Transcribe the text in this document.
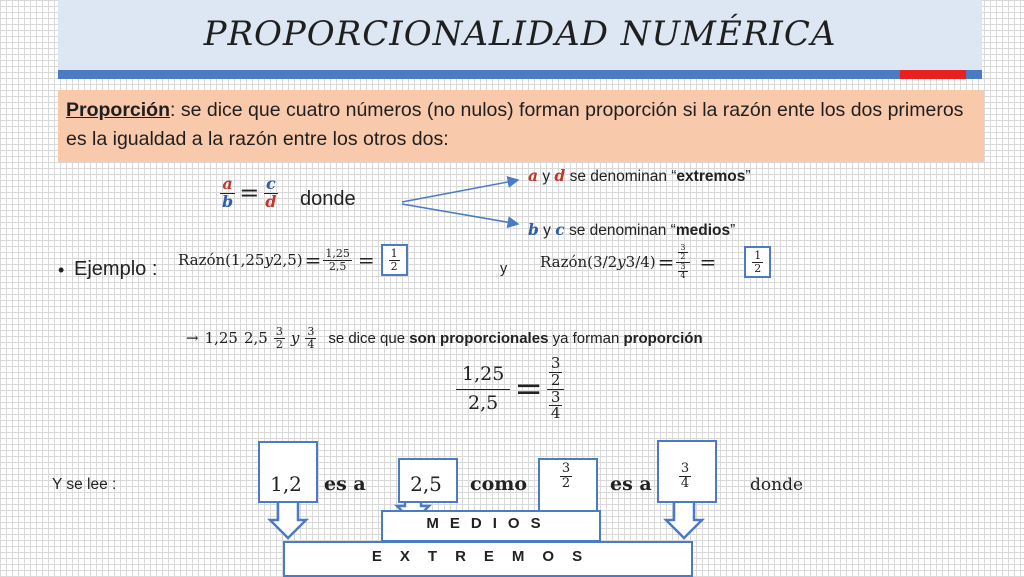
PROPORCIONALIDAD NUMÉRICA
Proporción: se dice que cuatro números (no nulos) forman proporción si la razón ente los dos primeros es la igualdad a la razón entre los otros dos:
$\frac{a}{b} = \frac{c}{d}$ donde
a y d se denominan “extremos”
b y c se denominan “medios”
• Ejemplo : Razón(1,25 y $2,5) = \frac{1,25}{2,5} = \frac{1}{2}$	y Razón(3/2 y $3/4) = \frac{\frac{3}{2}}{\frac{3}{4}}$ =	$\frac{1}{2}$
→ 1,25 $2,5 \frac{3}{2}$ y $\frac{3}{4}$ se dice que son proporcionales ya forman proporción
$\frac{1,25}{2,5} = \frac{\frac{3}{2}}{\frac{3}{4}}$
Y se lee :	1,2	es a	2,5	como	$\frac{3}{2}$ es a $\frac{3}{4}$	donde
MEDIOS
EXTREMOS
